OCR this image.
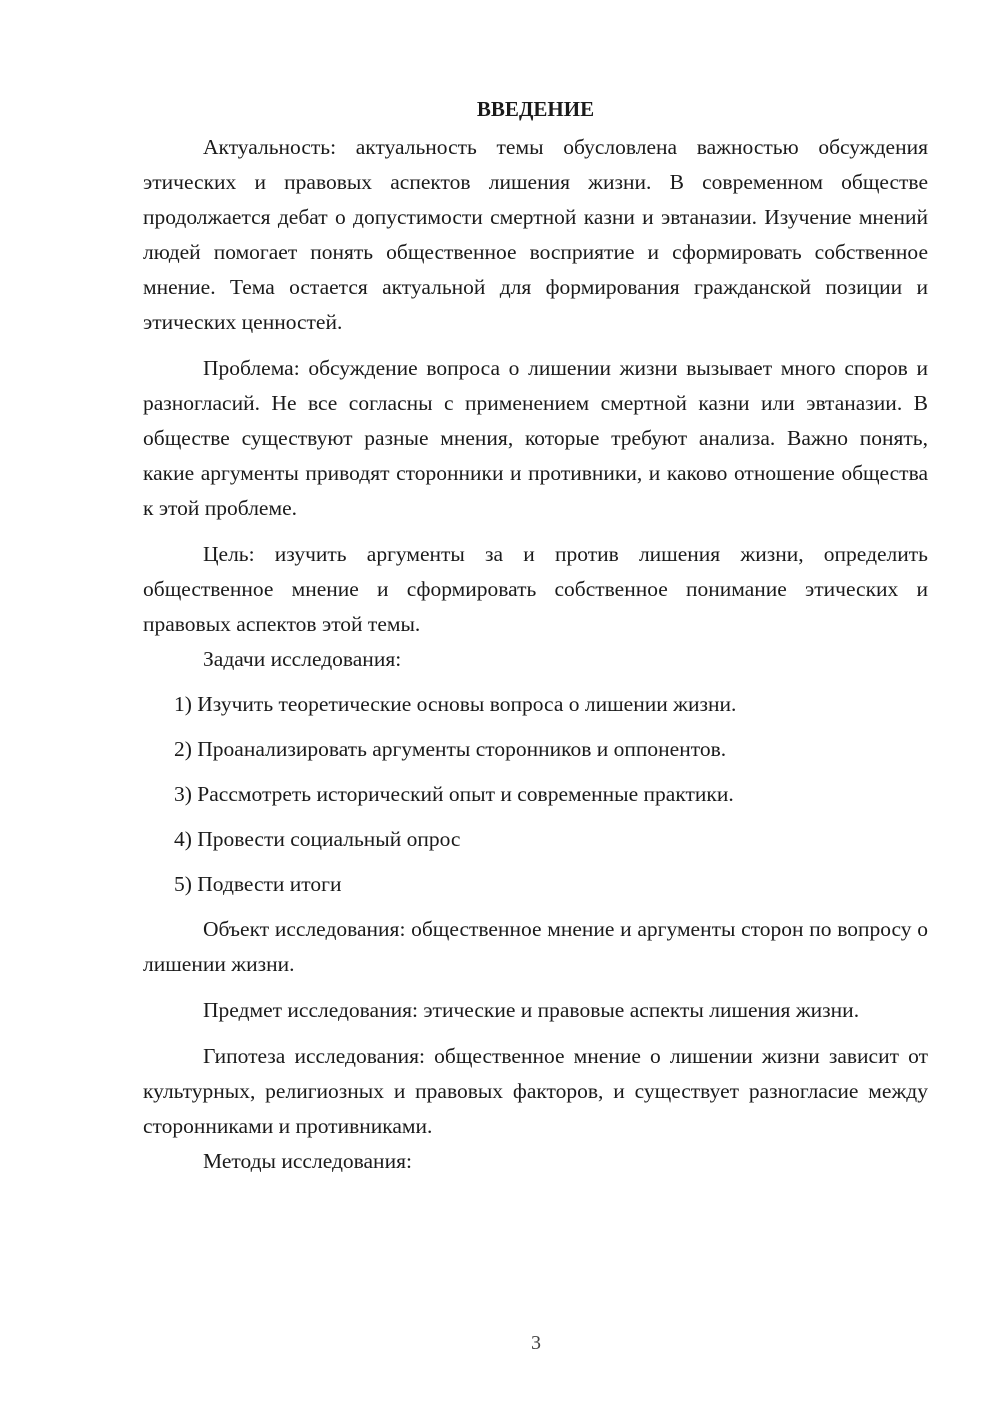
ВВЕДЕНИЕ

Актуальность: актуальность темы обусловлена важностью обсуждения этических и правовых аспектов лишения жизни. В современном обществе продолжается дебат о допустимости смертной казни и эвтаназии. Изучение мнений людей помогает понять общественное восприятие и сформировать собственное мнение. Тема остается актуальной для формирования гражданской позиции и этических ценностей.

Проблема: обсуждение вопроса о лишении жизни вызывает много споров и разногласий. Не все согласны с применением смертной казни или эвтаназии. В обществе существуют разные мнения, которые требуют анализа. Важно понять, какие аргументы приводят сторонники и противники, и каково отношение общества к этой проблеме.

Цель: изучить аргументы за и против лишения жизни, определить общественное мнение и сформировать собственное понимание этических и правовых аспектов этой темы.

Задачи исследования:

1) Изучить теоретические основы вопроса о лишении жизни.

2) Проанализировать аргументы сторонников и оппонентов.

3) Рассмотреть исторический опыт и современные практики.

4) Провести социальный опрос

5) Подвести итоги

Объект исследования: общественное мнение и аргументы сторон по вопросу о лишении жизни.

Предмет исследования: этические и правовые аспекты лишения жизни.

Гипотеза исследования: общественное мнение о лишении жизни зависит от культурных, религиозных и правовых факторов, и существует разногласие между сторонниками и противниками.

Методы исследования:

3
